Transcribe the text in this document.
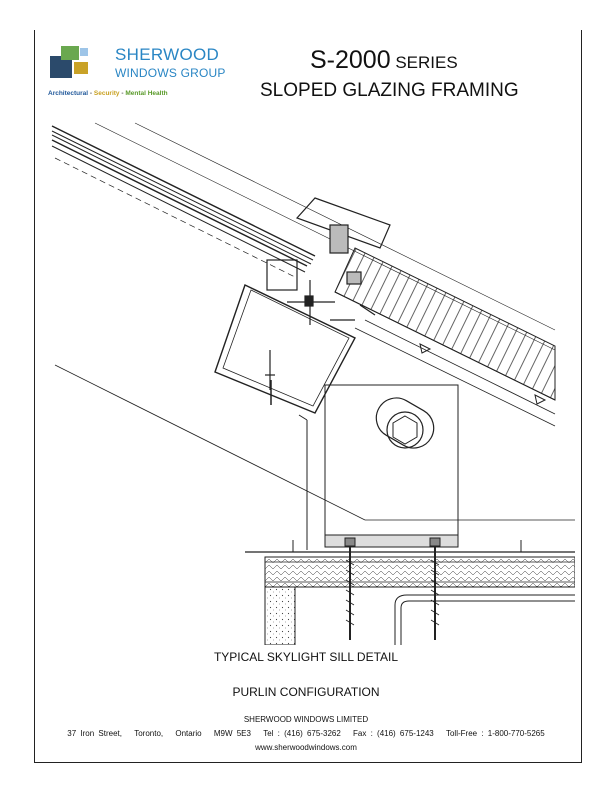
SHERWOOD
WINDOWS GROUP
Architectural - Security - Mental Health
S-2000 SERIES
SLOPED GLAZING FRAMING
TYPICAL SKYLIGHT SILL DETAIL
PURLIN CONFIGURATION
SHERWOOD WINDOWS LIMITED
37 Iron Street, Toronto, Ontario M9W 5E3 Tel : (416) 675-3262 Fax : (416) 675-1243 Toll-Free : 1-800-770-5265
www.sherwoodwindows.com
